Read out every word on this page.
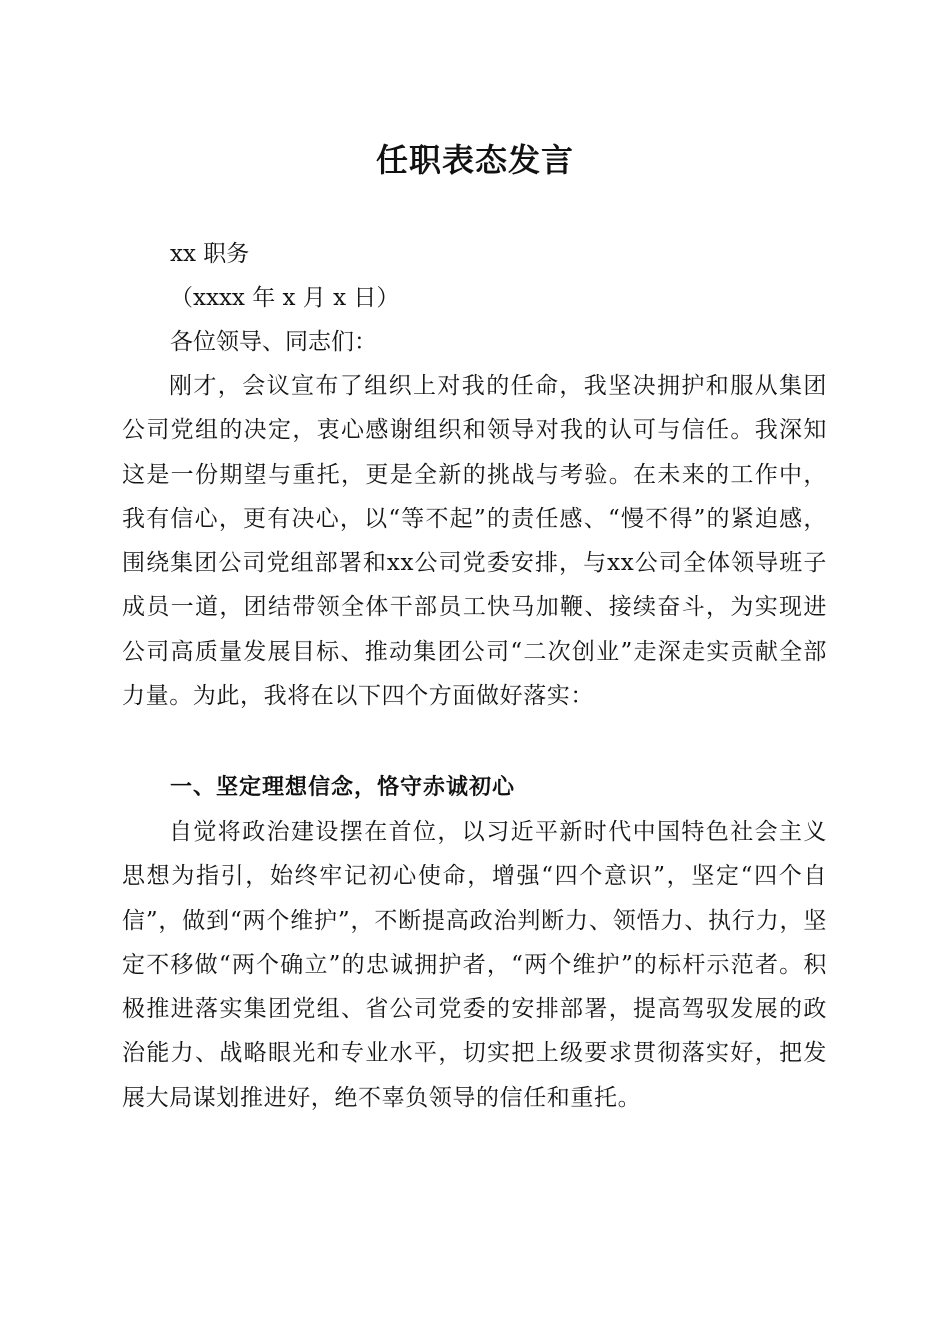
任职表态发言
xx 职务
（xxxx 年 x 月 x 日）
各位领导、同志们：
刚才，会议宣布了组织上对我的任命，我坚决拥护和服从集团公司党组的决定，衷心感谢组织和领导对我的认可与信任。我深知这是一份期望与重托，更是全新的挑战与考验。在未来的工作中，我有信心，更有决心，以“等不起”的责任感、“慢不得”的紧迫感，围绕集团公司党组部署和xx公司党委安排，与xx公司全体领导班子成员一道，团结带领全体干部员工快马加鞭、接续奋斗，为实现进公司高质量发展目标、推动集团公司“二次创业”走深走实贡献全部力量。为此，我将在以下四个方面做好落实：
一、坚定理想信念，恪守赤诚初心
自觉将政治建设摆在首位，以习近平新时代中国特色社会主义思想为指引，始终牢记初心使命，增强“四个意识”，坚定“四个自信”，做到“两个维护”，不断提高政治判断力、领悟力、执行力，坚定不移做“两个确立”的忠诚拥护者，“两个维护”的标杆示范者。积极推进落实集团党组、省公司党委的安排部署，提高驾驭发展的政治能力、战略眼光和专业水平，切实把上级要求贯彻落实好，把发展大局谋划推进好，绝不辜负领导的信任和重托。
